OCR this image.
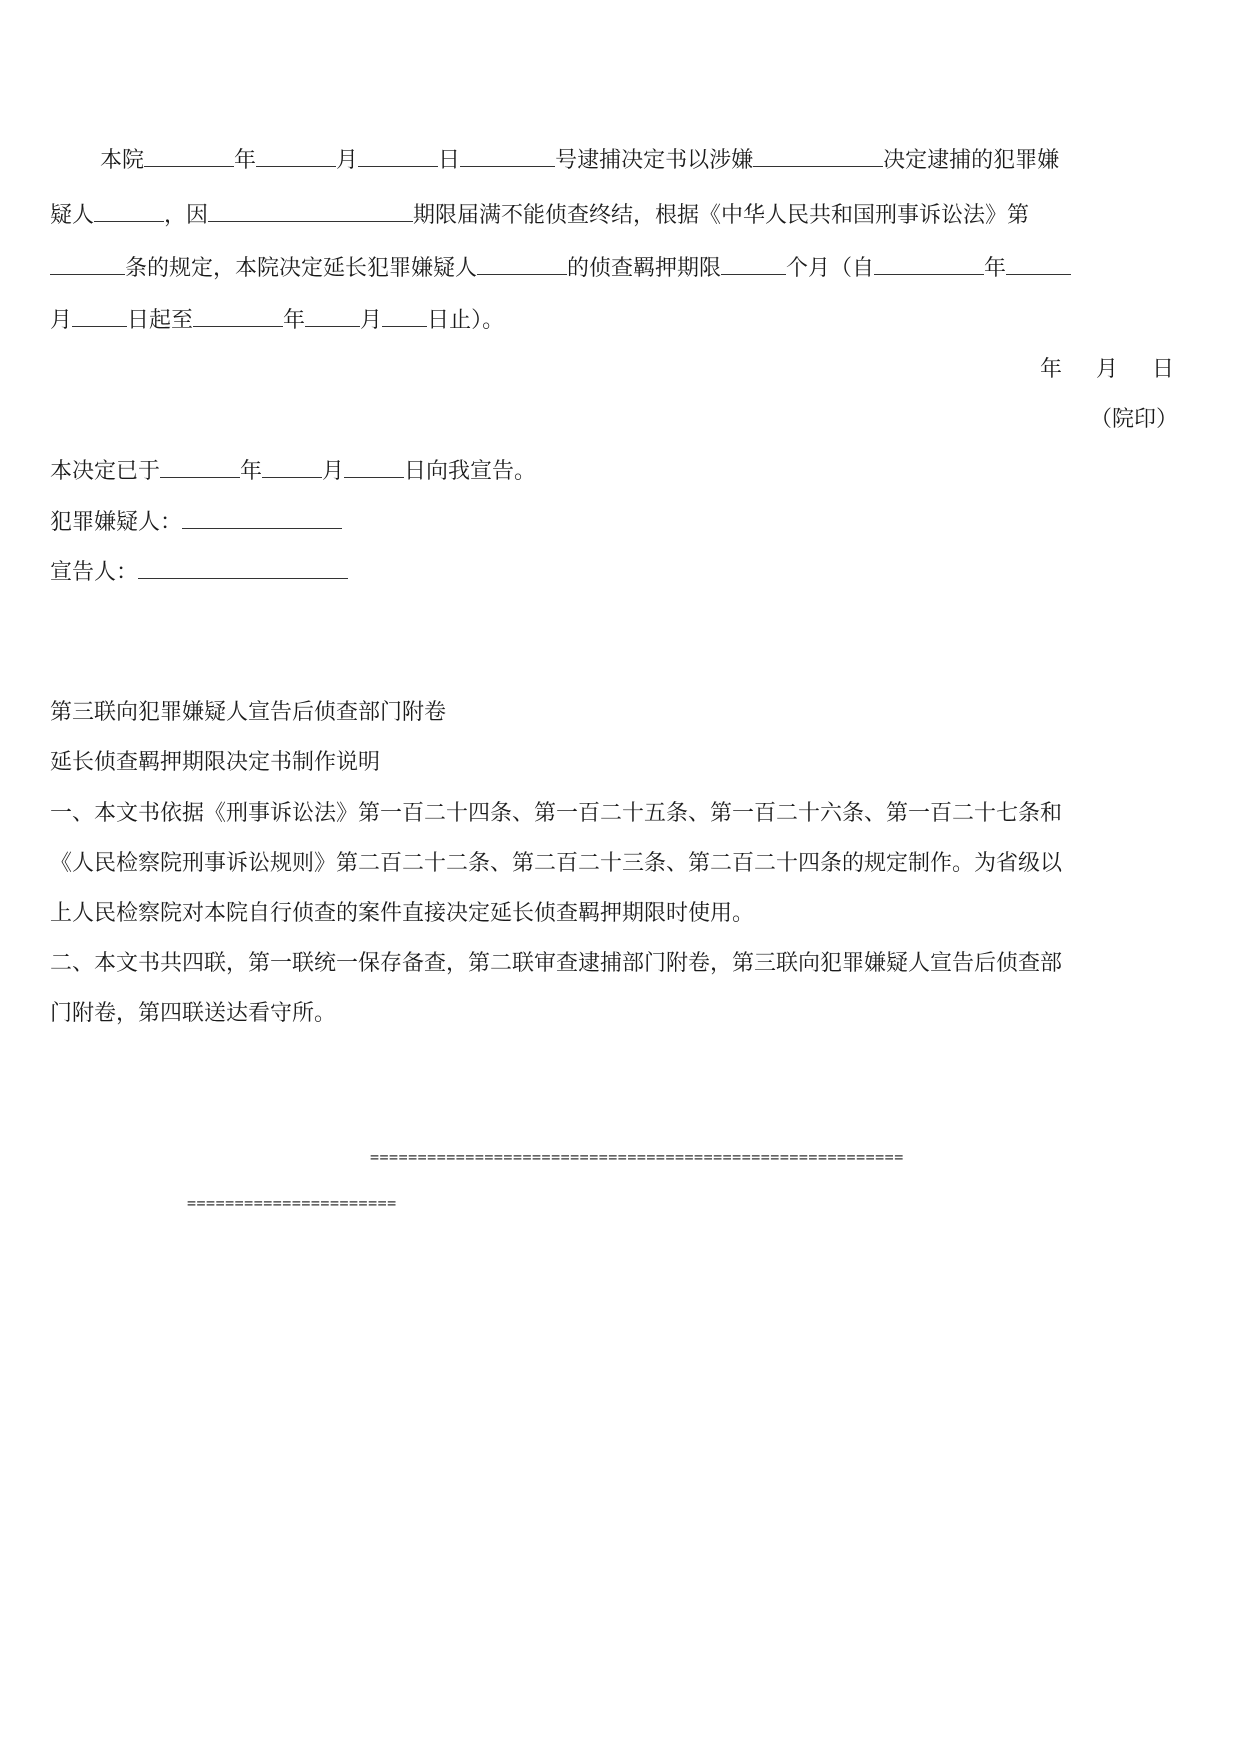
本院	年	月	日	号逮捕决定书以涉嫌	决定逮捕的犯罪嫌
疑人	，因	期限届满不能侦查终结，根据《中华人民共和国刑事诉讼法》第
条的规定，本院决定延长犯罪嫌疑人	的侦查羁押期限	个月（自	年
月	日起至	年	月 日止）。
年 月 日
（院印）
本决定已于	年	月	日向我宣告。
犯罪嫌疑人：
宣告人：
第三联向犯罪嫌疑人宣告后侦查部门附卷
延长侦查羁押期限决定书制作说明
一、本文书依据《刑事诉讼法》第一百二十四条、第一百二十五条、第一百二十六条、第一百二十七条和
《人民检察院刑事诉讼规则》第二百二十二条、第二百二十三条、第二百二十四条的规定制作。为省级以
上人民检察院对本院自行侦查的案件直接决定延长侦查羁押期限时使用。
二、本文书共四联，第一联统一保存备查，第二联审查逮捕部门附卷，第三联向犯罪嫌疑人宣告后侦查部
门附卷，第四联送达看守所。
========================================================
======================
